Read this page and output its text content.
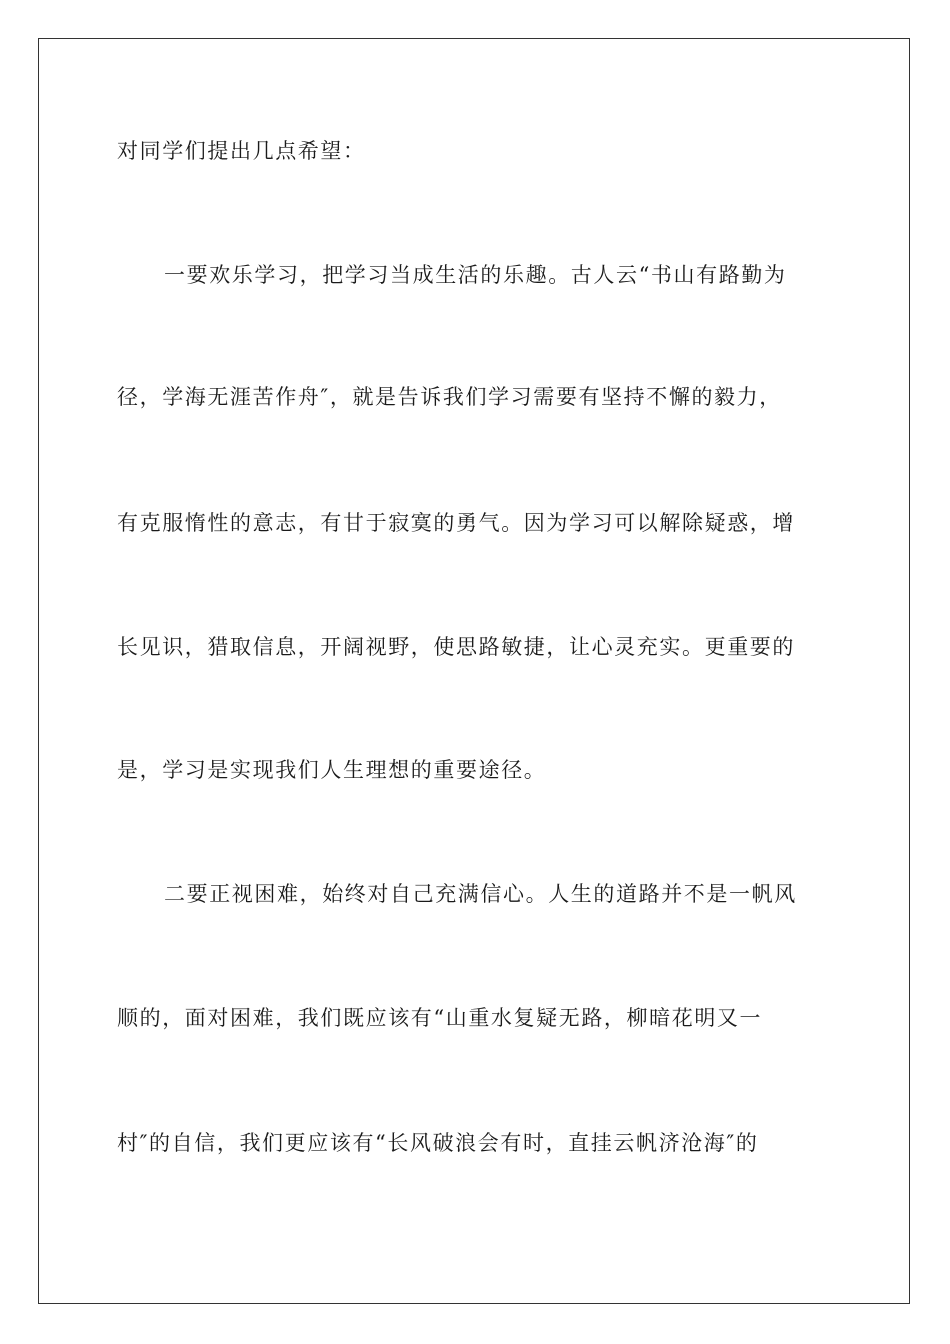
对同学们提出几点希望：
一要欢乐学习，把学习当成生活的乐趣。古人云“书山有路勤为
径，学海无涯苦作舟″，就是告诉我们学习需要有坚持不懈的毅力，
有克服惰性的意志，有甘于寂寞的勇气。因为学习可以解除疑惑，增
长见识，猎取信息，开阔视野，使思路敏捷，让心灵充实。更重要的
是，学习是实现我们人生理想的重要途径。
二要正视困难，始终对自己充满信心。人生的道路并不是一帆风
顺的，面对困难，我们既应该有“山重水复疑无路，柳暗花明又一
村″的自信，我们更应该有“长风破浪会有时，直挂云帆济沧海″的
